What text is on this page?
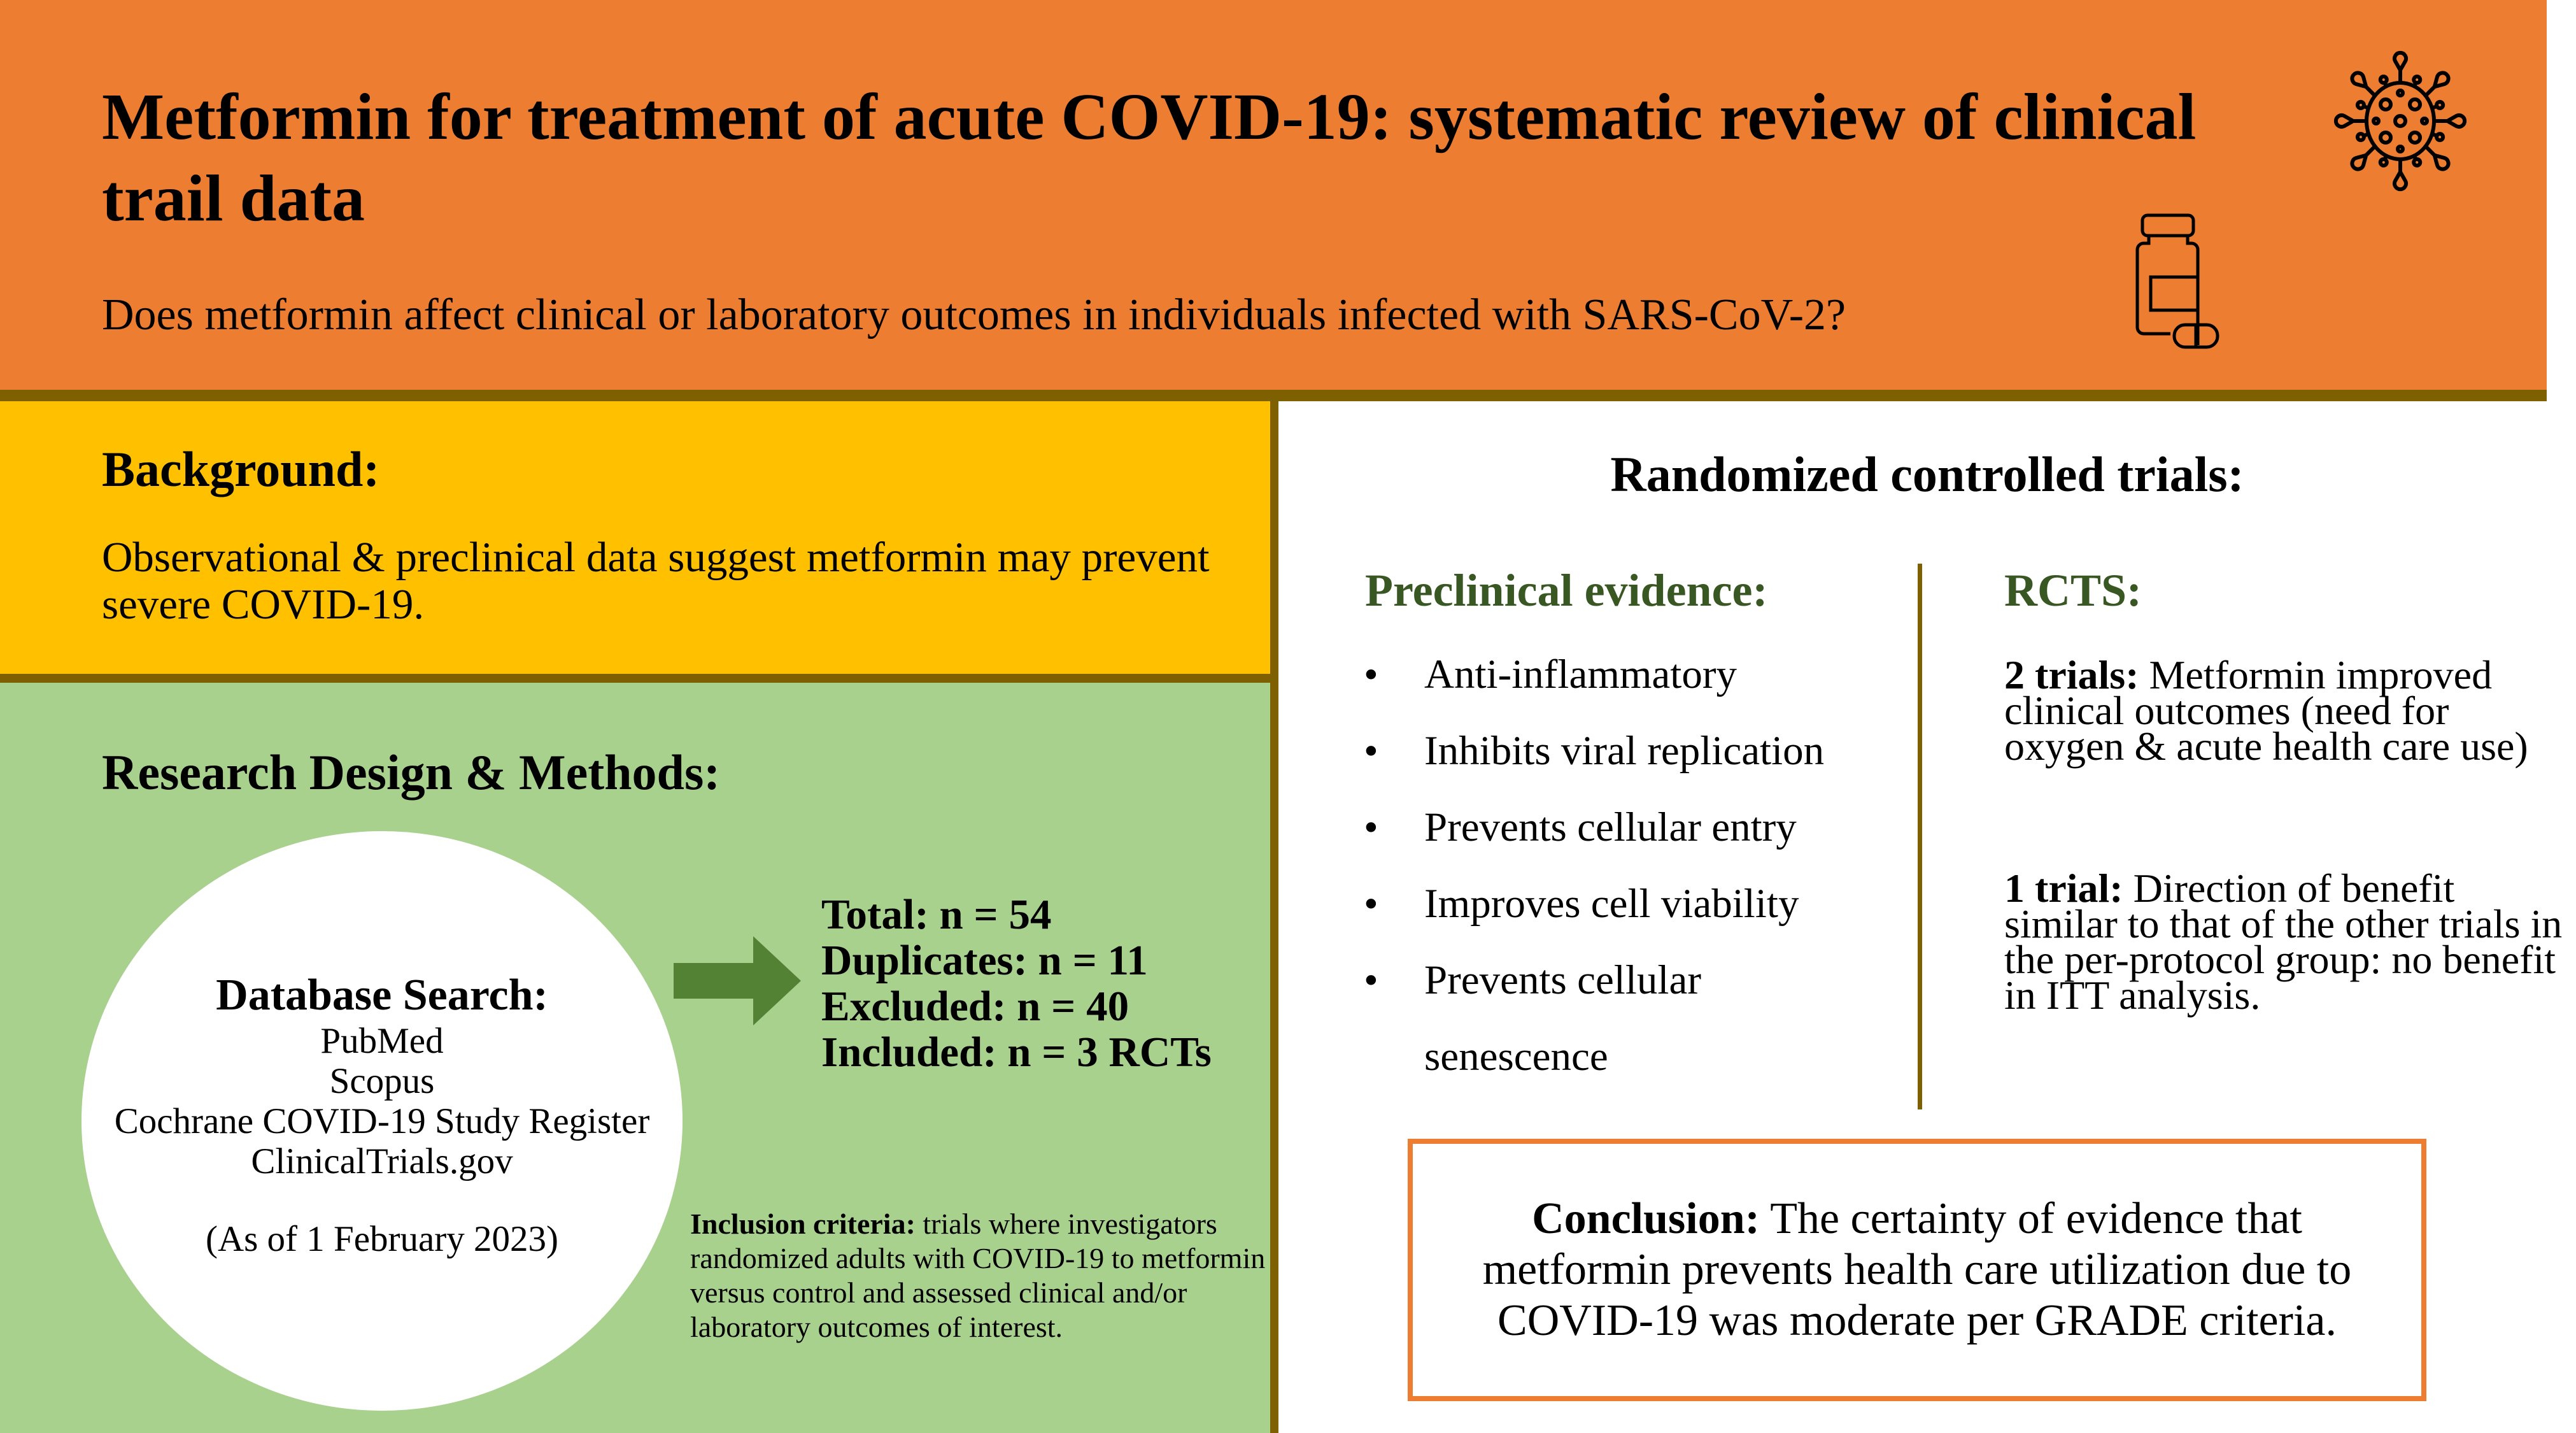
Metformin for treatment of acute COVID-19: systematic review of clinical trail data
Does metformin affect clinical or laboratory outcomes in individuals infected with SARS-CoV-2?
Background:
Observational & preclinical data suggest metformin may prevent severe COVID-19.
Research Design & Methods:
Database Search:
PubMed
Scopus
Cochrane COVID-19 Study Register
ClinicalTrials.gov
(As of 1 February 2023)
Total: n = 54
Duplicates: n = 11
Excluded: n = 40
Included: n = 3 RCTs
Inclusion criteria: trials where investigators randomized adults with COVID-19 to metformin versus control and assessed clinical and/or laboratory outcomes of interest.
Randomized controlled trials:
Preclinical evidence:
• Anti-inflammatory
• Inhibits viral replication
• Prevents cellular entry
• Improves cell viability
• Prevents cellular
senescence
RCTS:
2 trials: Metformin improved clinical outcomes (need for oxygen & acute health care use)
1 trial: Direction of benefit similar to that of the other trials in the per-protocol group: no benefit in ITT analysis.

Conclusion: The certainty of evidence that metformin prevents health care utilization due to COVID-19 was moderate per GRADE criteria.
